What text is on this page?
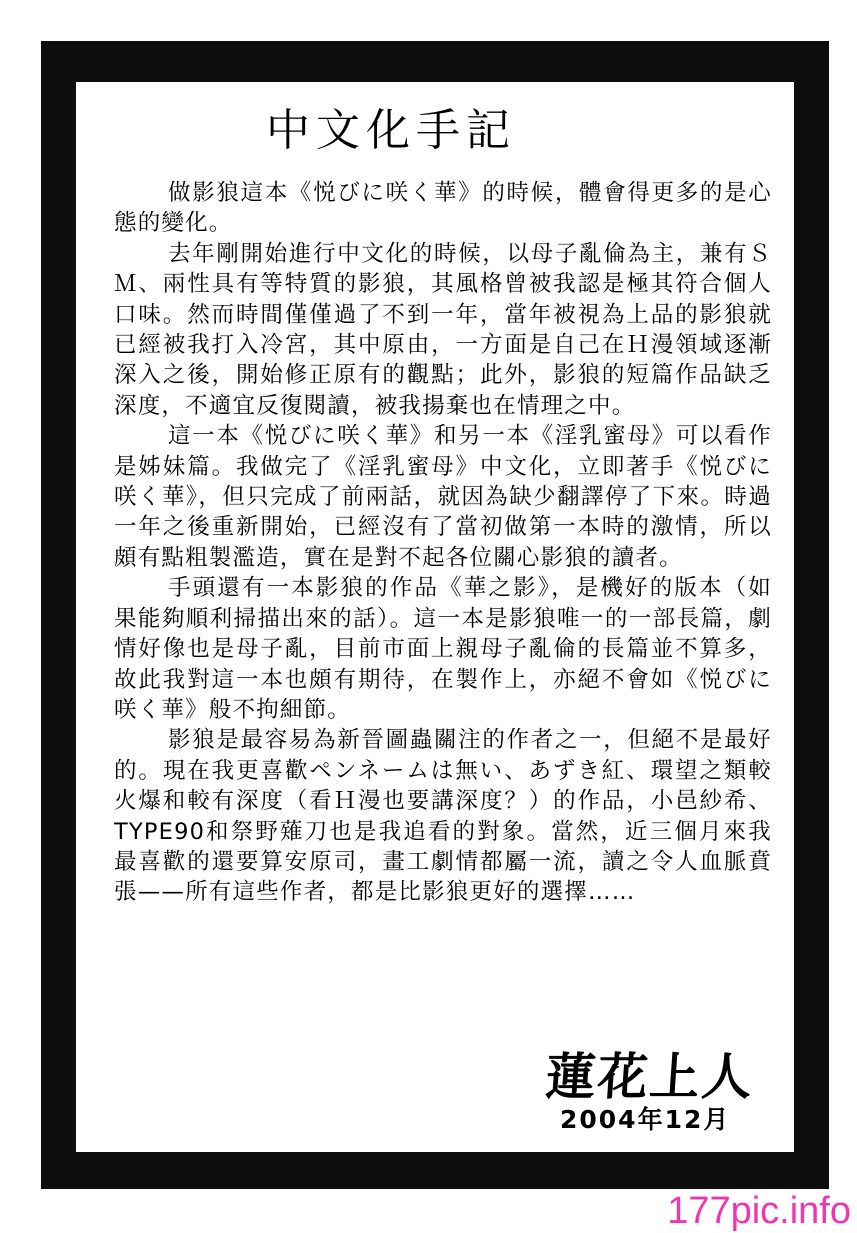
中文化手記

做影狼這本《悦びに咲く華》的時候，體會得更多的是心態的變化。

去年剛開始進行中文化的時候，以母子亂倫為主，兼有ＳＭ、兩性具有等特質的影狼，其風格曾被我認是極其符合個人口味。然而時間僅僅過了不到一年，當年被視為上品的影狼就已經被我打入冷宮，其中原由，一方面是自己在Ｈ漫領域逐漸深入之後，開始修正原有的觀點；此外，影狼的短篇作品缺乏深度，不適宜反復閱讀，被我揚棄也在情理之中。

這一本《悦びに咲く華》和另一本《淫乳蜜母》可以看作是姊妹篇。我做完了《淫乳蜜母》中文化，立即著手《悦びに咲く華》，但只完成了前兩話，就因為缺少翻譯停了下來。時過一年之後重新開始，已經沒有了當初做第一本時的激情，所以頗有點粗製濫造，實在是對不起各位關心影狼的讀者。

手頭還有一本影狼的作品《華之影》，是機好的版本（如果能夠順利掃描出來的話）。這一本是影狼唯一的一部長篇，劇情好像也是母子亂，目前市面上親母子亂倫的長篇並不算多，故此我對這一本也頗有期待，在製作上，亦絕不會如《悦びに咲く華》般不拘細節。

影狼是最容易為新晉圖蟲關注的作者之一，但絕不是最好的。現在我更喜歡ペンネームは無い、あずき紅、環望之類較火爆和較有深度（看Ｈ漫也要講深度？）的作品，小邑紗希、TYPE90和祭野薙刀也是我追看的對象。當然，近三個月來我最喜歡的還要算安原司，畫工劇情都屬一流，讀之令人血脈賁張——所有這些作者，都是比影狼更好的選擇……

蓮花上人
2004年12月
177pic.info
